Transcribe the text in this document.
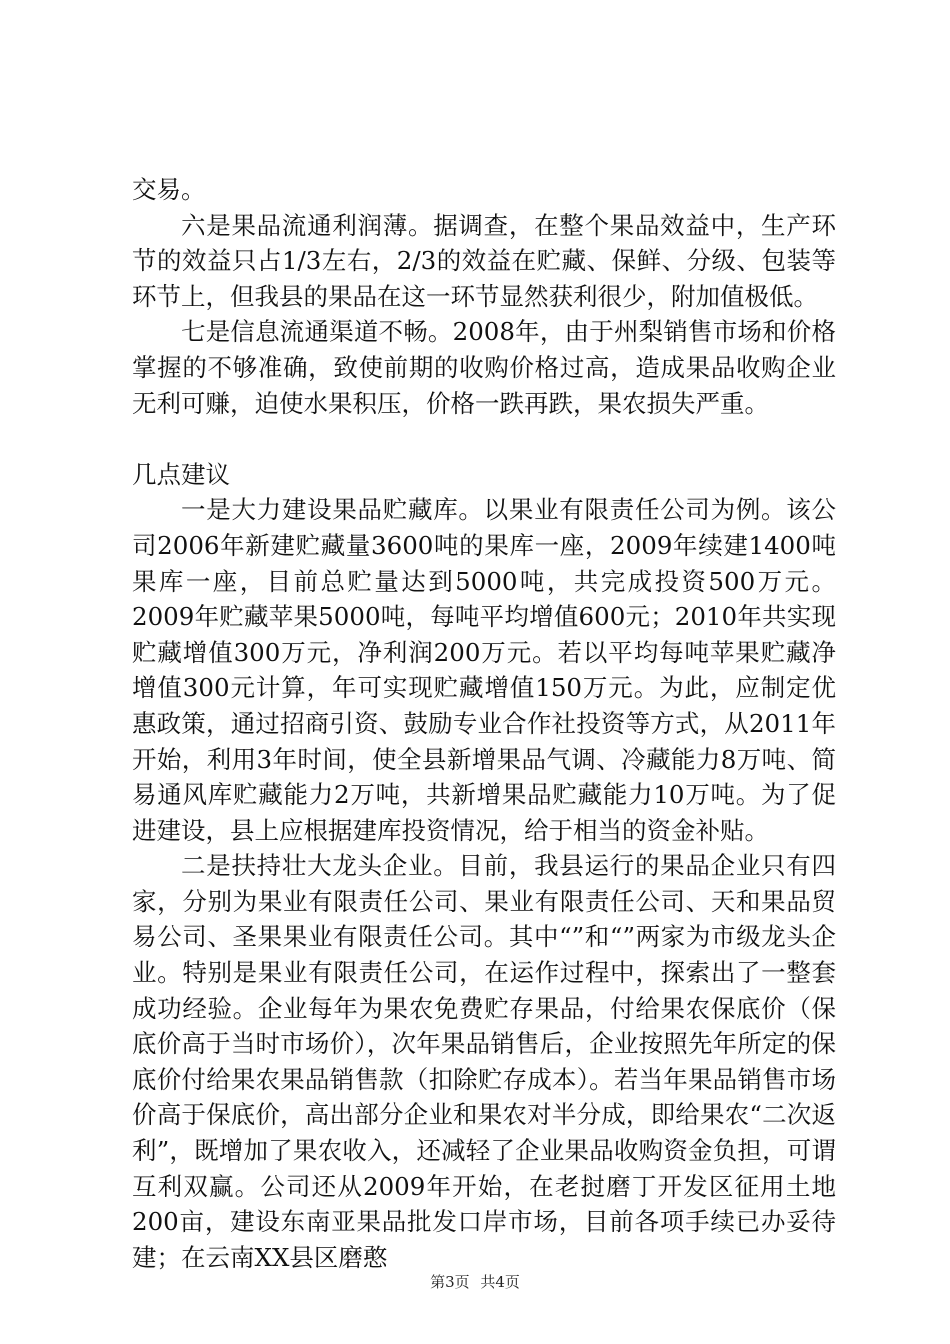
交易。

六是果品流通利润薄。据调查，在整个果品效益中，生产环节的效益只占1/3左右，2/3的效益在贮藏、保鲜、分级、包装等环节上，但我县的果品在这一环节显然获利很少，附加值极低。

七是信息流通渠道不畅。2008年，由于州梨销售市场和价格掌握的不够准确，致使前期的收购价格过高，造成果品收购企业无利可赚，迫使水果积压，价格一跌再跌，果农损失严重。

几点建议

一是大力建设果品贮藏库。以果业有限责任公司为例。该公司2006年新建贮藏量3600吨的果库一座，2009年续建1400吨果库一座，目前总贮量达到5000吨，共完成投资500万元。2009年贮藏苹果5000吨，每吨平均增值600元；2010年共实现贮藏增值300万元，净利润200万元。若以平均每吨苹果贮藏净增值300元计算，年可实现贮藏增值150万元。为此，应制定优惠政策，通过招商引资、鼓励专业合作社投资等方式，从2011年开始，利用3年时间，使全县新增果品气调、冷藏能力8万吨、简易通风库贮藏能力2万吨，共新增果品贮藏能力10万吨。为了促进建设，县上应根据建库投资情况，给于相当的资金补贴。

二是扶持壮大龙头企业。目前，我县运行的果品企业只有四家，分别为果业有限责任公司、果业有限责任公司、天和果品贸易公司、圣果果业有限责任公司。其中“”和“”两家为市级龙头企业。特别是果业有限责任公司，在运作过程中，探索出了一整套成功经验。企业每年为果农免费贮存果品，付给果农保底价（保底价高于当时市场价），次年果品销售后，企业按照先年所定的保底价付给果农果品销售款（扣除贮存成本）。若当年果品销售市场价高于保底价，高出部分企业和果农对半分成，即给果农“二次返利”，既增加了果农收入，还减轻了企业果品收购资金负担，可谓互利双赢。公司还从2009年开始，在老挝磨丁开发区征用土地200亩，建设东南亚果品批发口岸市场，目前各项手续已办妥待建；在云南XX县区磨憨

第3页 共4页
